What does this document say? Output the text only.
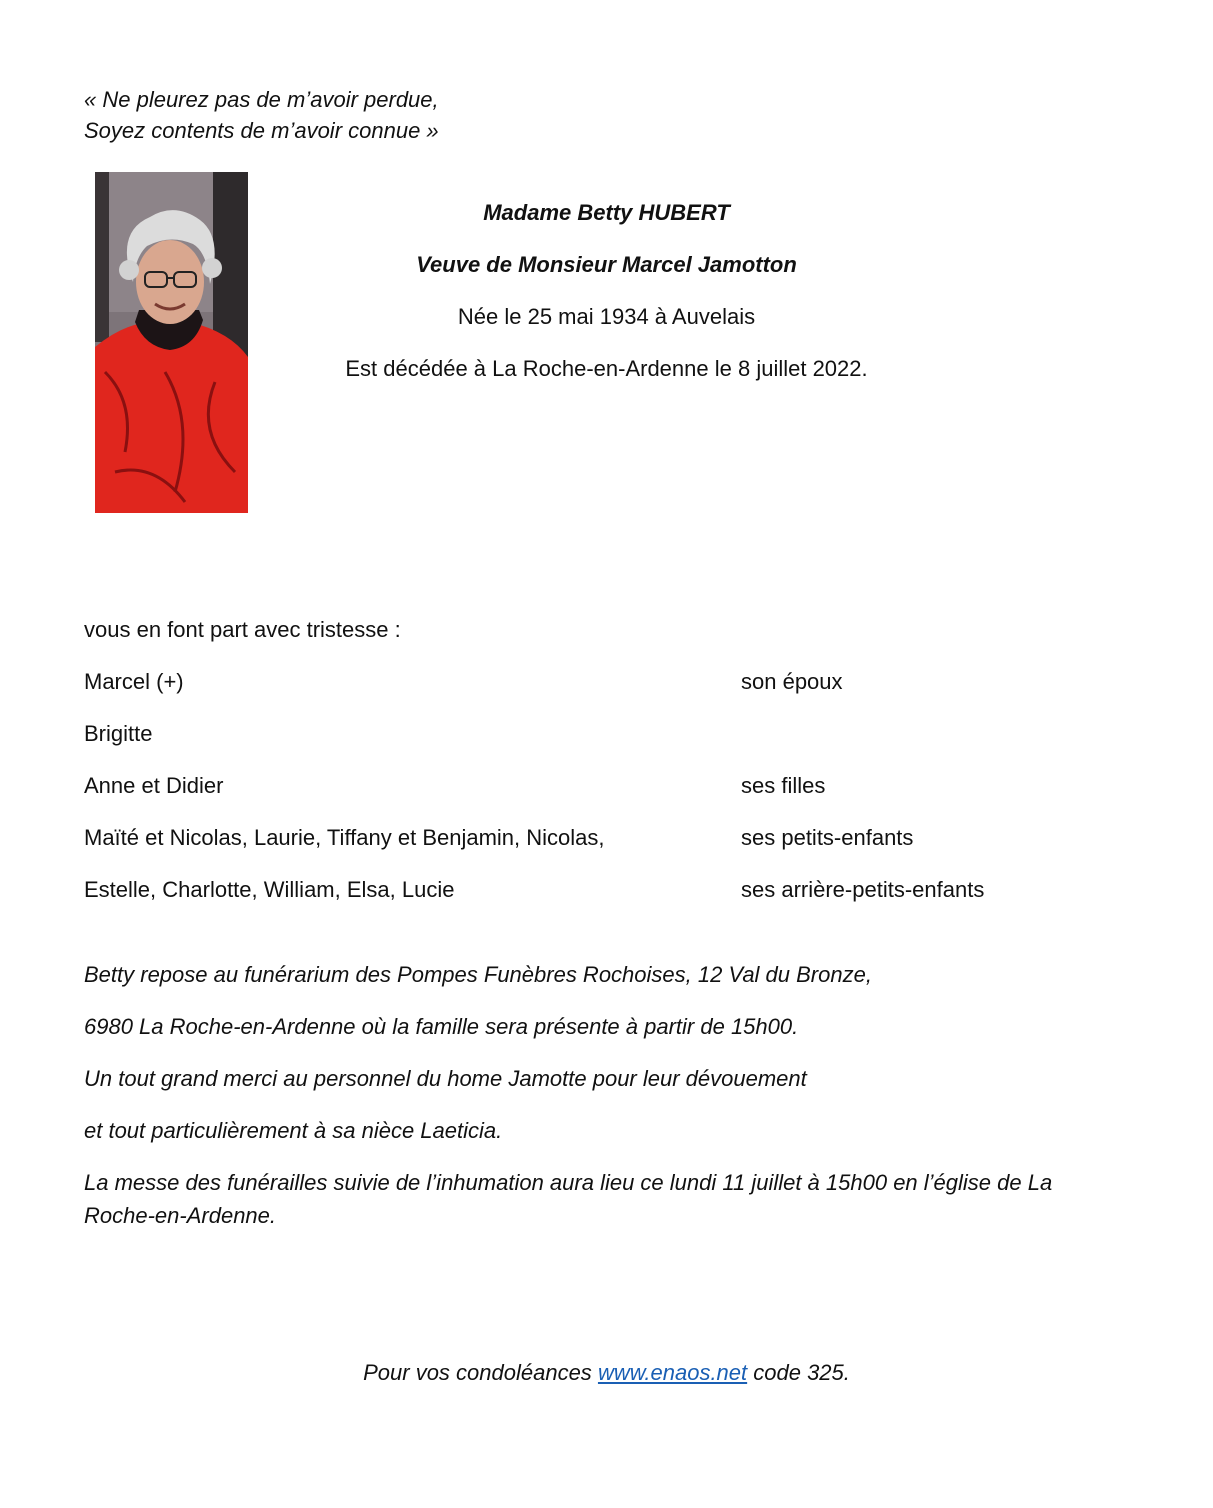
« Ne pleurez pas de m’avoir perdue,
Soyez contents de m’avoir connue »
Madame Betty HUBERT
Veuve de Monsieur Marcel Jamotton
Née le 25 mai 1934 à Auvelais
Est décédée à La Roche-en-Ardenne le 8 juillet 2022.
vous en font part avec tristesse :
Marcel (+)	son époux
Brigitte
Anne et Didier	ses filles
Maïté et Nicolas, Laurie, Tiffany et Benjamin, Nicolas,	ses petits-enfants
Estelle, Charlotte, William, Elsa, Lucie	ses arrière-petits-enfants
Betty repose au funérarium des Pompes Funèbres Rochoises, 12 Val du Bronze,
6980 La Roche-en-Ardenne où la famille sera présente à partir de 15h00.
Un tout grand merci au personnel du home Jamotte pour leur dévouement
et tout particulièrement à sa nièce Laeticia.
La messe des funérailles suivie de l’inhumation aura lieu ce lundi 11 juillet à 15h00 en l’église de La
Roche-en-Ardenne.
Pour vos condoléances www.enaos.net code 325.
